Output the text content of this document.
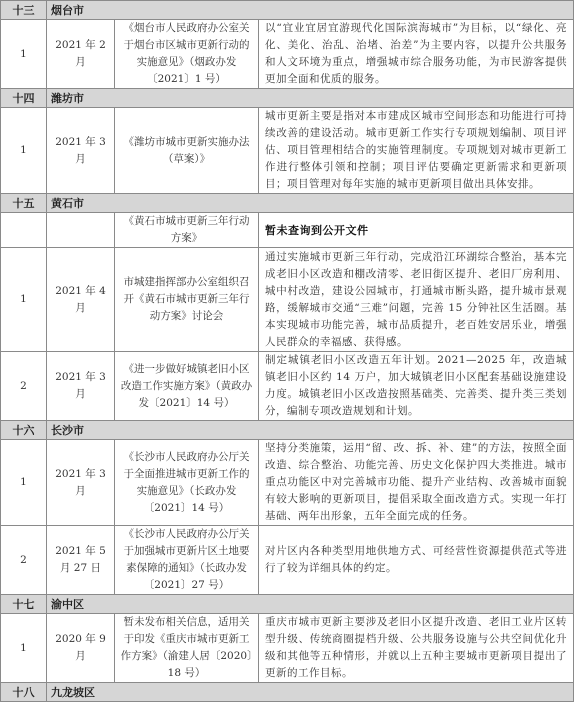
十三	烟台市		
1	2021 年 2 月	《烟台市人民政府办公室关于烟台市区城市更新行动的实施意见》（烟政办发〔2021〕1 号）	以“宜业宜居宜游现代化国际滨海城市”为目标，以“绿化、亮化、美化、治乱、治堵、治差”为主要内容，以提升公共服务和人文环境为重点，增强城市综合服务功能，为市民游客提供更加全面和优质的服务。
十四	潍坊市		
1	2021 年 3 月	《潍坊市城市更新实施办法（草案）》	城市更新主要是指对本市建成区城市空间形态和功能进行可持续改善的建设活动。城市更新工作实行专项规划编制、项目评估、项目管理相结合的实施管理制度。专项规划对城市更新工作进行整体引领和控制；项目评估要确定更新需求和更新项目；项目管理对每年实施的城市更新项目做出具体安排。
十五	黄石市		
		《黄石市城市更新三年行动方案》	暂未查询到公开文件
1	2021 年 4 月	市城建指挥部办公室组织召开《黄石市城市更新三年行动方案》讨论会	通过实施城市更新三年行动，完成沿江环湖综合整治，基本完成老旧小区改造和棚改清零、老旧街区提升、老旧厂房利用、城中村改造，建设公园城市，打通城市断头路，提升城市景观路，缓解城市交通“三难”问题，完善 15 分钟社区生活圈。基本实现城市功能完善，城市品质提升，老百姓安居乐业，增强人民群众的幸福感、获得感。
2	2021 年 3 月	《进一步做好城镇老旧小区改造工作实施方案》（黄政办发〔2021〕14 号）	制定城镇老旧小区改造五年计划。2021—2025 年，改造城镇老旧小区约 14 万户，加大城镇老旧小区配套基础设施建设力度。城镇老旧小区改造按照基础类、完善类、提升类三类划分，编制专项改造规划和计划。
十六	长沙市		
1	2021 年 3 月	《长沙市人民政府办公厅关于全面推进城市更新工作的实施意见》（长政办发〔2021〕14 号）	坚持分类施策，运用“留、改、拆、补、建”的方法，按照全面改造、综合整治、功能完善、历史文化保护四大类推进。城市重点功能区中对完善城市功能、提升产业结构、改善城市面貌有较大影响的更新项目，提倡采取全面改造方式。实现一年打基础、两年出形象，五年全面完成的任务。
2	2021 年 5 月 27 日	《长沙市人民政府办公厅关于加强城市更新片区土地要素保障的通知》（长政办发〔2021〕27 号）	对片区内各种类型用地供地方式、可经营性资源提供范式等进行了较为详细具体的约定。
十七	渝中区		
1	2020 年 9 月	暂未发布相关信息，适用关于印发《重庆市城市更新工作方案》（渝建人居〔2020〕18 号）	重庆市城市更新主要涉及老旧小区提升改造、老旧工业片区转型升级、传统商圈提档升级、公共服务设施与公共空间优化升级和其他等五种情形，并就以上五种主要城市更新项目提出了更新的工作目标。
十八	九龙坡区		
